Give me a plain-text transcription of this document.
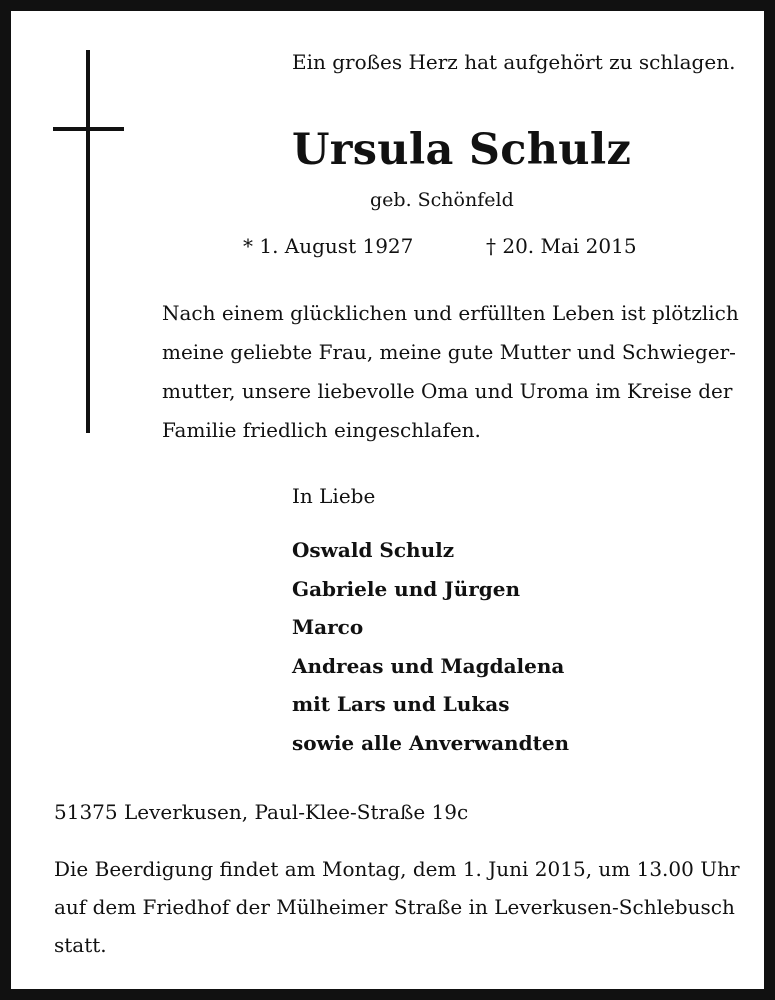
Ein großes Herz hat aufgehört zu schlagen.
Ursula Schulz
geb. Schönfeld
* 1. August 1927	† 20. Mai 2015
Nach einem glücklichen und erfüllten Leben ist plötzlich
meine geliebte Frau, meine gute Mutter und Schwieger-
mutter, unsere liebevolle Oma und Uroma im Kreise der
Familie friedlich eingeschlafen.
In Liebe
Oswald Schulz
Gabriele und Jürgen
Marco
Andreas und Magdalena
mit Lars und Lukas
sowie alle Anverwandten
51375 Leverkusen, Paul-Klee-Straße 19c
Die Beerdigung findet am Montag, dem 1. Juni 2015, um 13.00 Uhr
auf dem Friedhof der Mülheimer Straße in Leverkusen-Schlebusch
statt.
